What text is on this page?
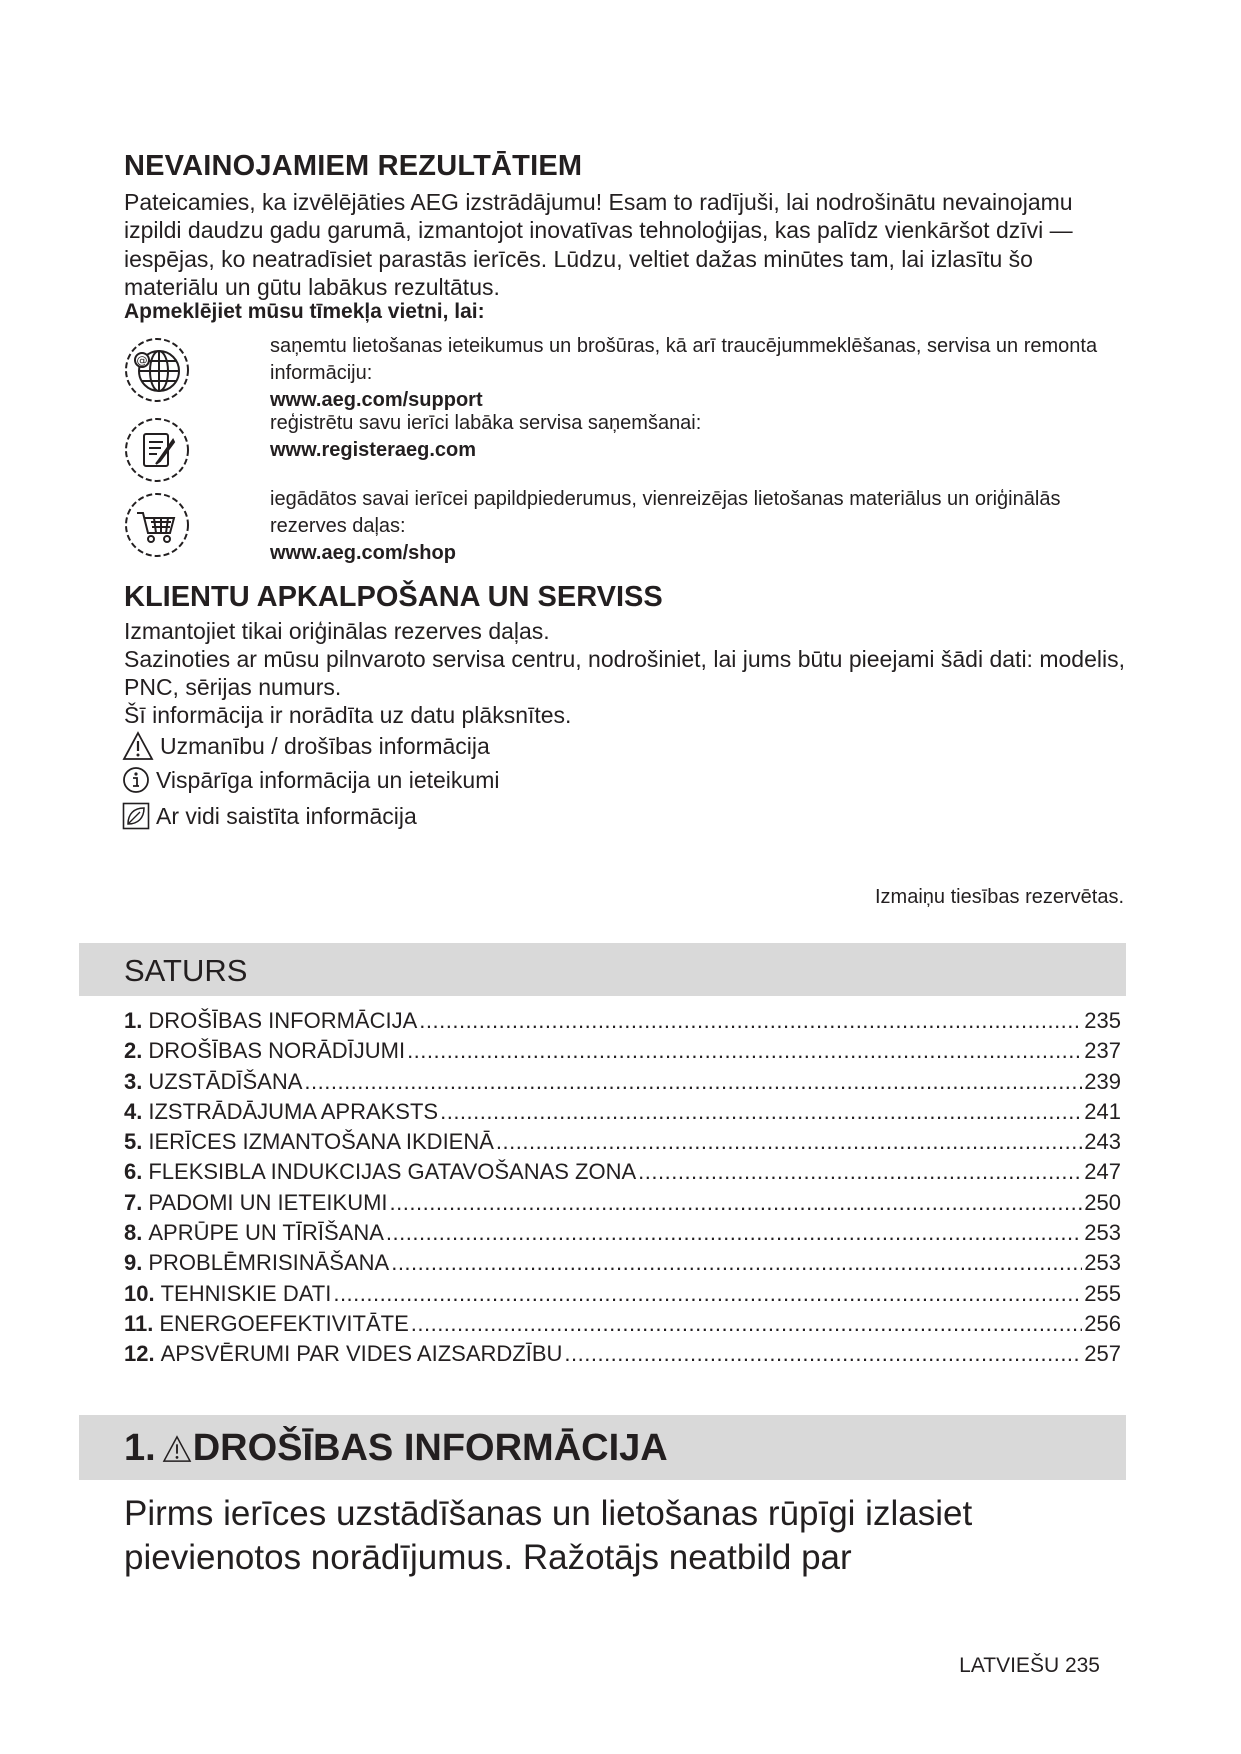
NEVAINOJAMIEM REZULTĀTIEM

Pateicamies, ka izvēlējāties AEG izstrādājumu! Esam to radījuši, lai nodrošinātu nevainojamu izpildi daudzu gadu garumā, izmantojot inovatīvas tehnoloģijas, kas palīdz vienkāršot dzīvi — iespējas, ko neatradīsiet parastās ierīcēs. Lūdzu, veltiet dažas minūtes tam, lai izlasītu šo materiālu un gūtu labākus rezultātus.

Apmeklējiet mūsu tīmekļa vietni, lai:

@
saņemtu lietošanas ieteikumus un brošūras, kā arī traucējummeklēšanas, servisa un remonta informāciju:
www.aeg.com/support
reģistrētu savu ierīci labāka servisa saņemšanai:
www.registeraeg.com
iegādātos savai ierīcei papildpiederumus, vienreizējas lietošanas materiālus un oriģinālās rezerves daļas:
www.aeg.com/shop
KLIENTU APKALPOŠANA UN SERVISS

Izmantojiet tikai oriģinālas rezerves daļas.

Sazinoties ar mūsu pilnvaroto servisa centru, nodrošiniet, lai jums būtu pieejami šādi dati: modelis, PNC, sērijas numurs.

Šī informācija ir norādīta uz datu plāksnītes.

Uzmanību / drošības informācija
Vispārīga informācija un ieteikumi
Ar vidi saistīta informācija
Izmaiņu tiesības rezervētas.
SATURS
1. DROŠĪBAS INFORMĀCIJA .....	235
2. DROŠĪBAS NORĀDĪJUMI .....	237
3. UZSTĀDĪŠANA .....	239
4. IZSTRĀDĀJUMA APRAKSTS .....	241
5. IERĪCES IZMANTOŠANA IKDIENĀ .....	243
6. FLEKSIBLA INDUKCIJAS GATAVOŠANAS ZONA .....	247
7. PADOMI UN IETEIKUMI .....	250
8. APRŪPE UN TĪRĪŠANA .....	253
9. PROBLĒMRISINĀŠANA .....	253
10. TEHNISKIE DATI .....	255
11. ENERGOEFEKTIVITĀTE .....	256
12. APSVĒRUMI PAR VIDES AIZSARDZĪBU .....	257
1. DROŠĪBAS INFORMĀCIJA

Pirms ierīces uzstādīšanas un lietošanas rūpīgi izlasiet pievienotos norādījumus. Ražotājs neatbild par

LATVIEŠU 235
